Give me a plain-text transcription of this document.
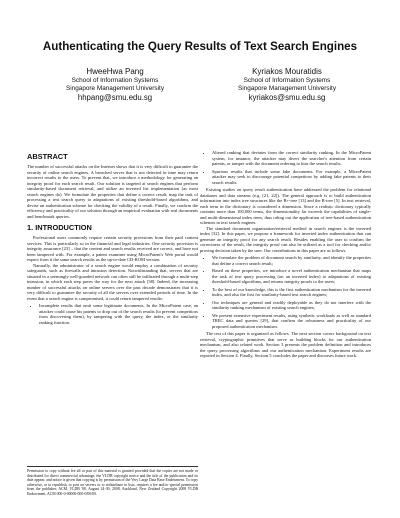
Authenticating the Query Results of Text Search Engines
HweeHwa Pang
School of Information Systems
Singapore Management University
hhpang@smu.edu.sg
Kyriakos Mouratidis
School of Information Systems
Singapore Management University
kyriakos@smu.edu.sg
ABSTRACT

The number of successful attacks on the Internet shows that it is very difficult to guarantee the security of online search engines. A breached server that is not detected in time may return incorrect results to the users. To prevent that, we introduce a methodology for generating an integrity proof for each search result. Our solution is targeted at search engines that perform similarity-based document retrieval, and utilize an inverted list implementation (as most search engines do). We formulate the properties that define a correct result, map the task of processing a text search query to adaptations of existing threshold-based algorithms, and devise an authentication scheme for checking the validity of a result. Finally, we confirm the efficiency and practicality of our solution through an empirical evaluation with real documents and benchmark queries.

1. INTRODUCTION

Professional users commonly require certain security provisions from their paid content services. This is particularly so in the financial and legal industries. One security provision is integrity assurance [23] – that the content and search results received are correct, and have not been tampered with. For example, a patent examiner using MicroPatent's Web portal would expect from it the same search results as the up-to-date CD-ROM version.

Naturally, the administrator of a search engine would employ a combination of security safeguards, such as firewalls and intrusion detection. Notwithstanding that, servers that are situated in a seemingly well-guarded network can often still be infiltrated through a multi-step intrusion, in which each step paves the way for the next attack [38]. Indeed, the increasing number of successful attacks on online servers over the past decade demonstrates that it is very difficult to guarantee the security of all the servers over extended periods of time. In the event that a search engine is compromised, it could return tampered results:

• Incomplete results that omit some legitimate documents. In the MicroPatent case, an attacker could cause his patents to drop out of the search results (to prevent competitors from discovering them), by tampering with the query, the index, or the similarity ranking function.
Permission to copy without fee all or part of this material is granted provided that the copies are not made or distributed for direct commercial advantage, the VLDB copyright notice and the title of the publication and its date appear, and notice is given that copying is by permission of the Very Large Data Base Endowment. To copy otherwise, or to republish, to post on servers or to redistribute to lists, requires a fee and/or special permission from the publisher, ACM. VLDB '08, August 24-30, 2008, Auckland, New Zealand Copyright 2008 VLDB Endowment, ACM 000-0-00000-000-0/00/00.
• Altered ranking that deviates from the correct similarity ranking. In the MicroPatent system, for instance, the attacker may divert the searcher's attention from certain patents, or tamper with the document ordering to bias the search results.
• Spurious results that include some fake documents. For example, a MicroPatent attacker may seek to discourage potential competitors by adding fake patents to their search results.

Existing studies on query result authentication have addressed the problem for relational databases and data streams (e.g. [21, 22]). The general approach is to build authentication information into index tree structures like the B+-tree [13] and the R-tree [5]. In text retrieval, each term in the dictionary is considered a dimension. Since a realistic dictionary typically contains more than 100,000 terms, the dimensionality far exceeds the capabilities of single- and multi-dimensional index trees, thus ruling out the application of tree-based authentication schemes in text search engines.

The standard document organization/retrieval method in search engines is the inverted index [32]. In this paper, we propose a framework for inverted index authentication that can generate an integrity proof for any search result. Besides enabling the user to confirm the correctness of the result, the integrity proof can also be utilized as a tool for checking and/or proving decision taken by the user. Our contributions in this paper are as follows:

• We formulate the problem of document search by similarity, and identify the properties that define a correct search result;
• Based on these properties, we introduce a novel authentication mechanism that maps the task of text query processing (on an inverted index) to adaptations of existing threshold-based algorithms, and returns integrity proofs to the users;
• To the best of our knowledge, this is the first authentication mechanism for the inverted index, and also the first for similarity-based text search engines;
• Our techniques are general and readily deployable as they do not interfere with the similarity ranking mechanism of existing search engines;
• We present extensive experiment results, using synthetic workloads as well as standard TREC data and queries [29], that confirm the robustness and practicality of our proposed authentication mechanism.

The rest of this paper is organized as follows. The next section covers background on text retrieval, cryptographic primitives that serve as building blocks for our authentication mechanism, and also related work. Section 3 presents the problem definition and introduces the query processing algorithms and our authentication mechanism. Experiment results are reported in Section 4. Finally, Section 5 concludes the paper and discusses future work.
